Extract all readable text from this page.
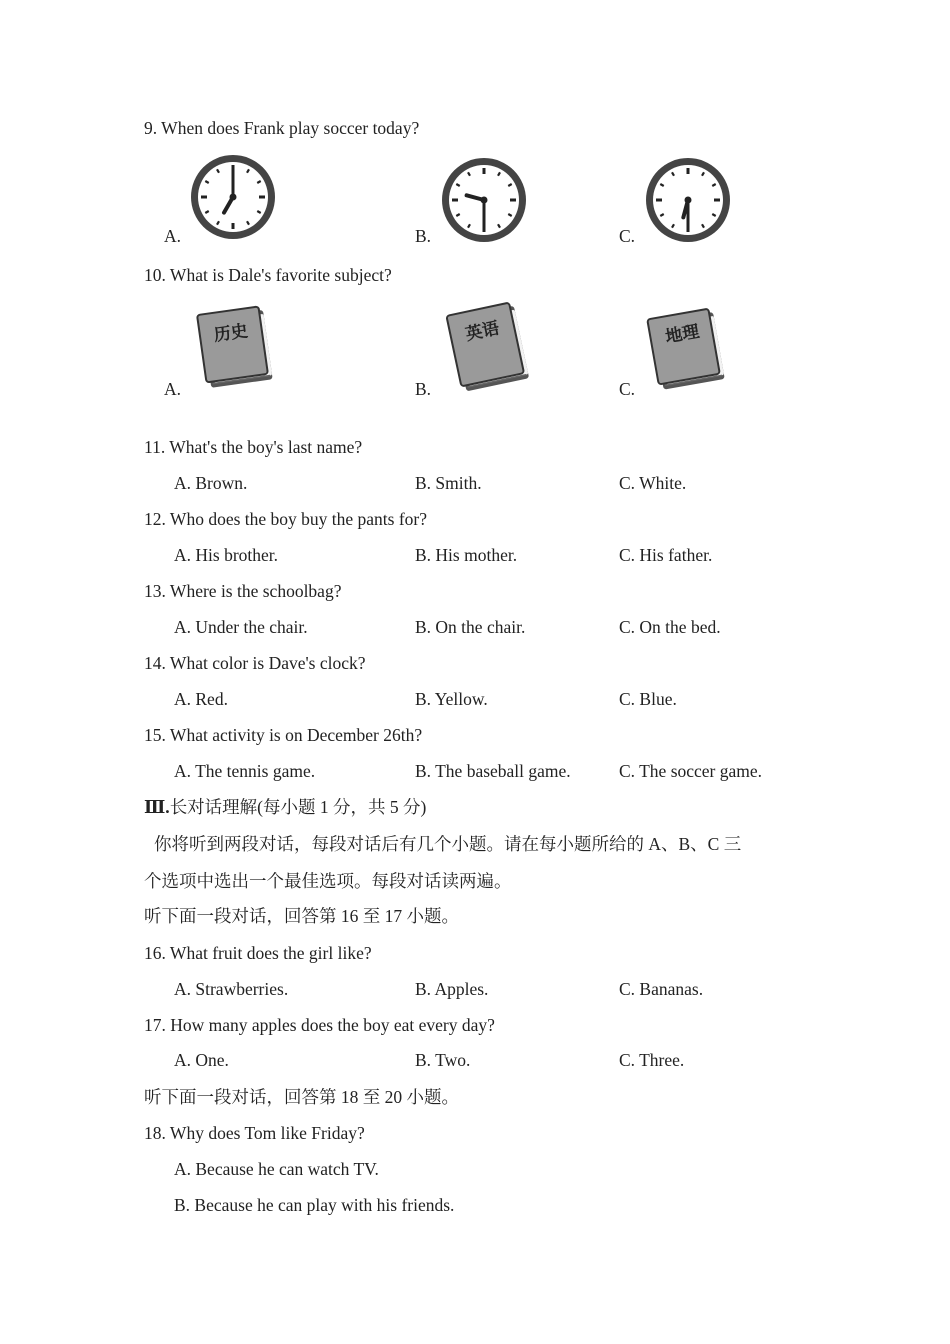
9. When does Frank play soccer today?
A.	B.	C.
10. What is Dale's favorite subject?
历史	英语	地理
A.	B.	C.
11. What's the boy's last name?
A. Brown.	B. Smith.	C. White.
12. Who does the boy buy the pants for?
A. His brother.	B. His mother.	C. His father.
13. Where is the schoolbag?
A. Under the chair.	B. On the chair.	C. On the bed.
14. What color is Dave's clock?
A. Red.	B. Yellow.	C. Blue.
15. What activity is on December 26th?
A. The tennis game.	B. The baseball game.	C. The soccer game.
Ⅲ.长对话理解(每小题 1 分，共 5 分)
你将听到两段对话，每段对话后有几个小题。请在每小题所给的 A、B、C 三
个选项中选出一个最佳选项。每段对话读两遍。
听下面一段对话，回答第 16 至 17 小题。
16. What fruit does the girl like?
A. Strawberries.	B. Apples.	C. Bananas.
17. How many apples does the boy eat every day?
A. One.	B. Two.	C. Three.
听下面一段对话，回答第 18 至 20 小题。
18. Why does Tom like Friday?
A. Because he can watch TV.
B. Because he can play with his friends.
